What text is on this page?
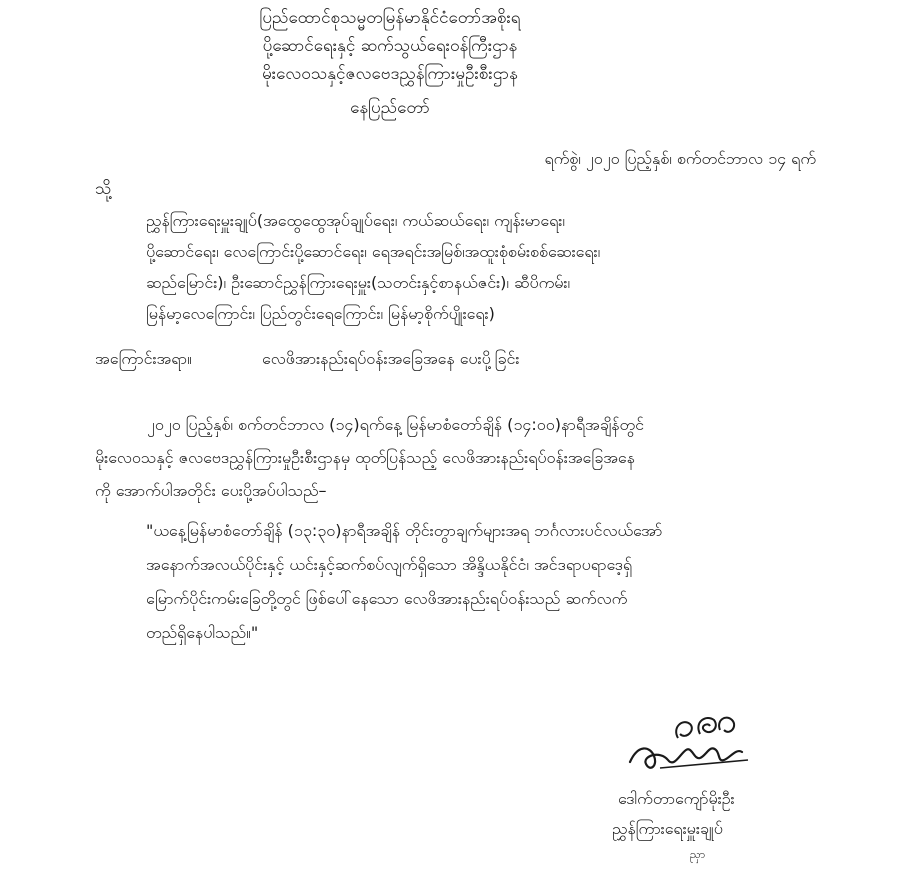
ပြည်ထောင်စုသမ္မတမြန်မာနိုင်ငံတော်အစိုးရ
ပို့ဆောင်ရေးနှင့် ဆက်သွယ်ရေးဝန်ကြီးဌာန
မိုးလေဝသနှင့်ဇလဗေဒညွှန်ကြားမှုဦးစီးဌာန
နေပြည်တော်
ရက်စွဲ၊ ၂၀၂၀ ပြည့်နှစ်၊ စက်တင်ဘာလ ၁၄ ရက်
သို့
ညွှန်ကြားရေးမှူးချုပ်(အထွေထွေအုပ်ချုပ်ရေး၊ ကယ်ဆယ်ရေး၊ ကျန်းမာရေး၊
ပို့ဆောင်ရေး၊ လေကြောင်းပို့ဆောင်ရေး၊ ရေအရင်းအမြစ်၊အထူးစုံစမ်းစစ်ဆေးရေး၊
ဆည်မြောင်း)၊ ဦးဆောင်ညွှန်ကြားရေးမှူး(သတင်းနှင့်စာနယ်ဇင်း)၊ ဆီပိကမ်း၊
မြန်မာ့လေကြောင်း၊ ပြည်တွင်းရေကြောင်း၊ မြန်မာ့စိုက်ပျိုးရေး)
အကြောင်းအရာ။	လေဖိအားနည်းရပ်ဝန်းအခြေအနေ ပေးပို့ခြင်း
၂၀၂၀ ပြည့်နှစ်၊ စက်တင်ဘာလ (၁၄)ရက်နေ့ မြန်မာစံတော်ချိန် (၁၄:၀၀)နာရီအချိန်တွင်
မိုးလေဝသနှင့် ဇလဗေဒညွှန်ကြားမှုဦးစီးဌာနမှ ထုတ်ပြန်သည့် လေဖိအားနည်းရပ်ဝန်းအခြေအနေ
ကို အောက်ပါအတိုင်း ပေးပို့အပ်ပါသည်–
"ယနေ့မြန်မာစံတော်ချိန် (၁၃:၃၀)နာရီအချိန် တိုင်းတွာချက်များအရ ဘင်္ဂလားပင်လယ်အော်
အနောက်အလယ်ပိုင်းနှင့် ယင်းနှင့်ဆက်စပ်လျက်ရှိသော အိန္ဒိယနိုင်ငံ၊ အင်ဒရာပရာဒေ့ရှ်
မြောက်ပိုင်းကမ်းခြေတို့တွင် ဖြစ်ပေါ်နေသော လေဖိအားနည်းရပ်ဝန်းသည် ဆက်လက်
တည်ရှိနေပါသည်။"
ဒေါက်တာကျော်မိုးဦး
ညွှန်ကြားရေးမှူးချုပ်
ညှာ
